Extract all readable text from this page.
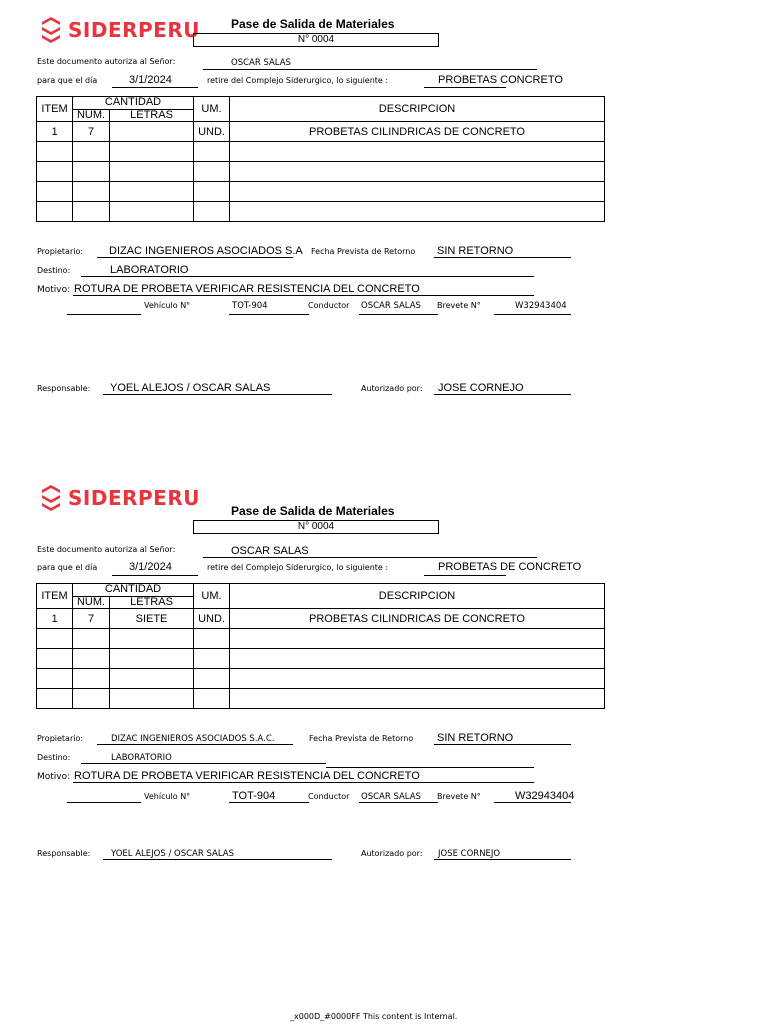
SIDERPERU	Pase de Salida de Materiales
N° 0004
Este documento autoriza al Señor:	OSCAR SALAS
para que el día	3/1/2024	retire del Complejo Siderurgico, lo siguiente :	PROBETAS CONCRETO
ITEM	CANTIDAD		UM.	DESCRIPCION
	NUM.	LETRAS		
1	7		UND.	PROBETAS CILINDRICAS DE CONCRETO

Propietario: DIZAC INGENIEROS ASOCIADOS S.A Fecha Prevista de Retorno SIN RETORNO
Destino:	LABORATORIO
Motivo: ROTURA DE PROBETA VERIFICAR RESISTENCIA DEL CONCRETO
Vehículo N°	TOT-904	Conductor OSCAR SALAS Brevete N°	W32943404
Responsable: YOEL ALEJOS / OSCAR SALAS	Autorizado por: JOSE CORNEJO
SIDERPERU
Pase de Salida de Materiales
N° 0004
Este documento autoriza al Señor:	OSCAR SALAS
para que el día	3/1/2024	retire del Complejo Siderurgico, lo siguiente :	PROBETAS DE CONCRETO
ITEM	CANTIDAD		UM.	DESCRIPCION
	NUM.	LETRAS		
1	7	SIETE	UND.	PROBETAS CILINDRICAS DE CONCRETO

Propietario:	DIZAC INGENIEROS ASOCIADOS S.A.C.	Fecha Prevista de Retorno SIN RETORNO
Destino:	LABORATORIO
Motivo: ROTURA DE PROBETA VERIFICAR RESISTENCIA DEL CONCRETO
Vehículo N°	TOT-904	Conductor OSCAR SALAS Brevete N°	W32943404
Responsable: YOEL ALEJOS / OSCAR SALAS	Autorizado por: JOSE CORNEJO
_x000D_#0000FF This content is Internal.
